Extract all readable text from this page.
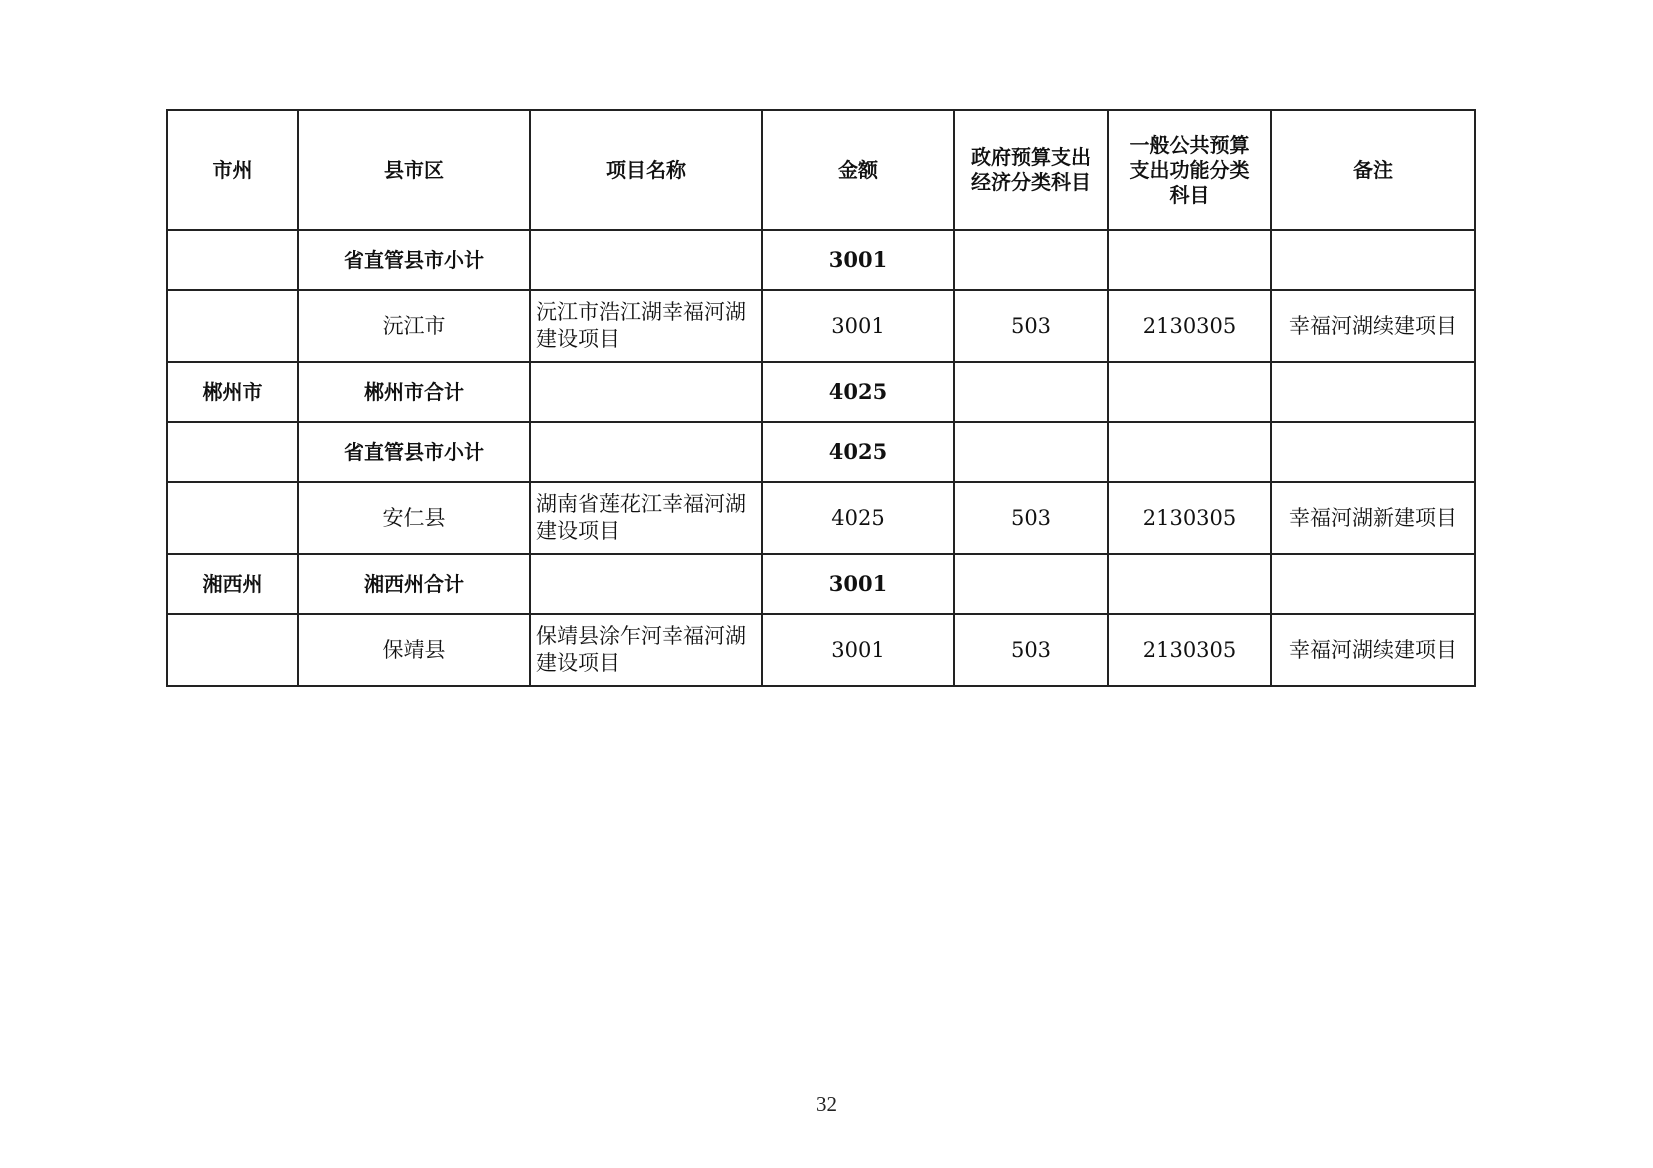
市州	县市区	项目名称	金额	政府预算支出经济分类科目	一般公共预算支出功能分类科目	备注
	省直管县市小计		3001			
	沅江市	沅江市浩江湖幸福河湖建设项目	3001	503	2130305	幸福河湖续建项目
郴州市	郴州市合计		4025			
	省直管县市小计		4025			
	安仁县	湖南省莲花江幸福河湖建设项目	4025	503	2130305	幸福河湖新建项目
湘西州	湘西州合计		3001			
	保靖县	保靖县涂乍河幸福河湖建设项目	3001	503	2130305	幸福河湖续建项目
32
